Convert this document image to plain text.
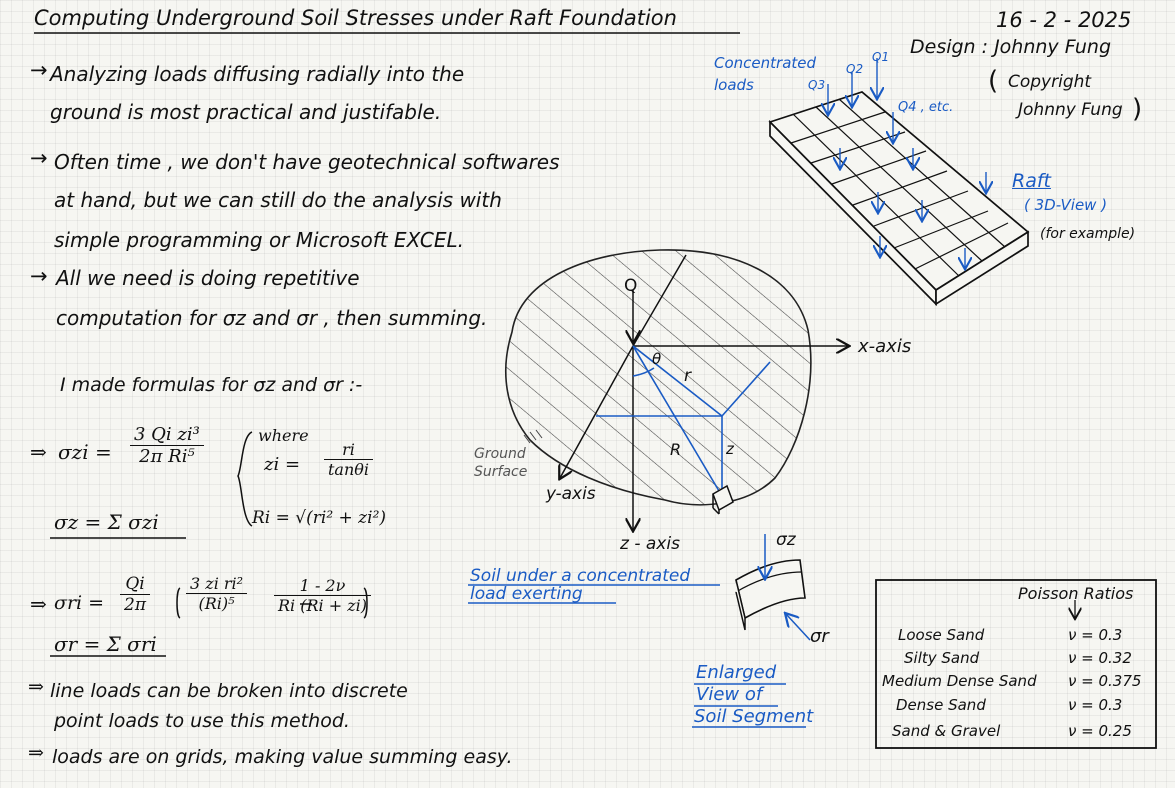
Computing Underground Soil Stresses under Raft Foundation	16 - 2 - 2025
Design : Johnny Fung
( Copyright
Johnny Fung )
→ Analyzing loads diffusing radially into the
ground is most practical and justifable.
→ Often time , we don't have geotechnical softwares
at hand, but we can still do the analysis with
simple programming or Microsoft EXCEL.
→ All we need is doing repetitive
computation for σz and σr , then summing.
I made formulas for σz and σr :-
⇒ $\sigma zi = \frac{\text{3 Qi zi³}}{\text{2π Ri⁵}}$	where
zi = $\frac{ri}{\tan\theta i}$
Ri = √(ri² + zi²)
σz = Σ σzi
⇒ $\sigma ri = \frac{Qi}{2\pi} \frac{\text{3 zi ri²}}{\text{(Ri)⁵}} \frac{1 - 2\nu}{Ri (Ri + zi)}$
σr = Σ σri
⇒ line loads can be broken into discrete
point loads to use this method.
⇒ loads are on grids, making value summing easy.
Concentrated
loads
Q1
Q2
Q3
Q4 , etc.
Raft
( 3D-View )
(for example)
Q
θ
r
R	z
x-axis
y-axis
z - axis
Ground
Surface
Soil under a concentrated
load exerting
σz
σr
Enlarged
View of
Soil Segment
Poisson Ratios
Loose Sand	ν = 0.3
Silty Sand	ν = 0.32
Medium Dense Sand ν = 0.375
Dense Sand	ν = 0.3
Sand & Gravel	ν = 0.25
